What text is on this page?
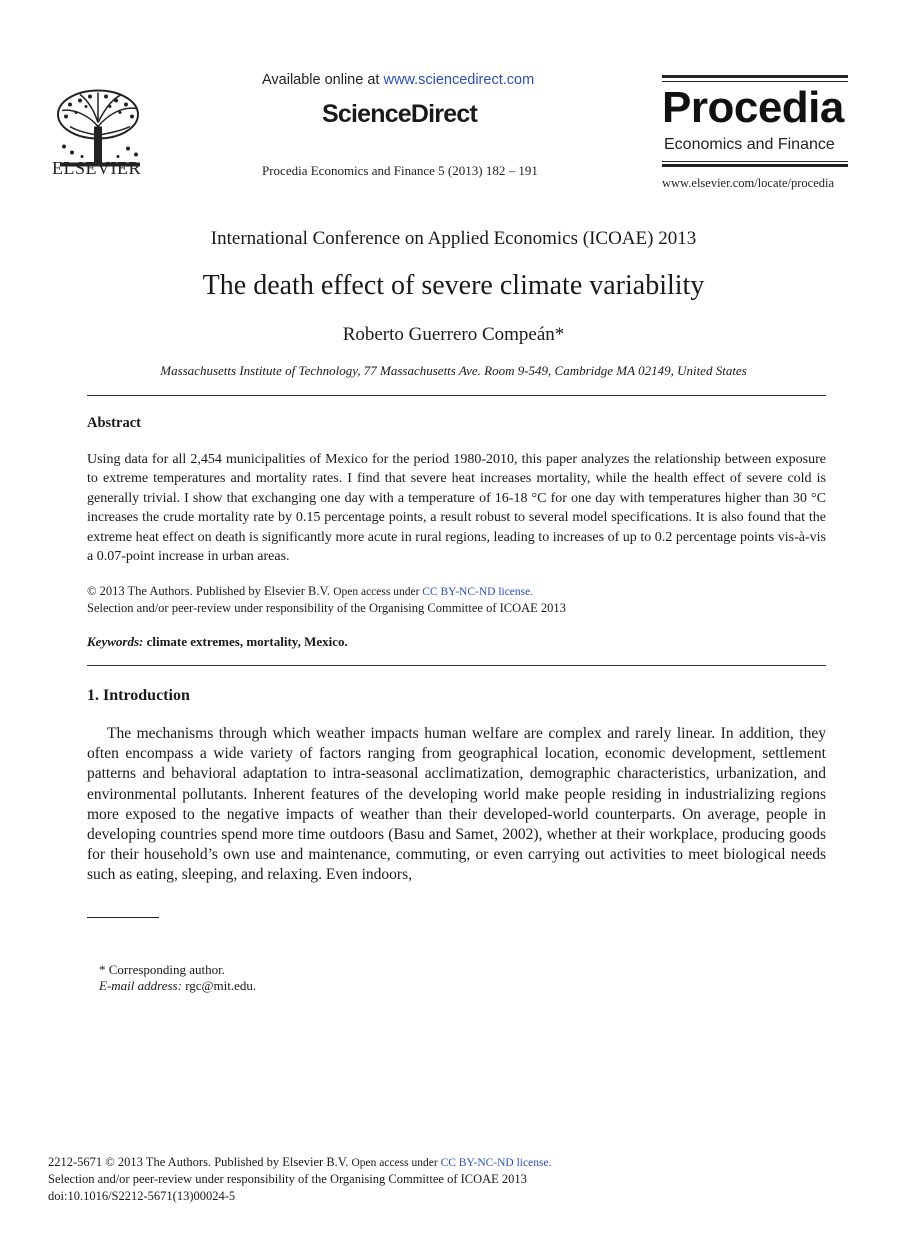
ELSEVIER
Available online at www.sciencedirect.com
ScienceDirect
Procedia Economics and Finance 5 (2013) 182 – 191
Procedia
Economics and Finance
www.elsevier.com/locate/procedia
International Conference on Applied Economics (ICOAE) 2013
The death effect of severe climate variability
Roberto Guerrero Compeán*
Massachusetts Institute of Technology, 77 Massachusetts Ave. Room 9-549, Cambridge MA 02149, United States
Abstract
Using data for all 2,454 municipalities of Mexico for the period 1980-2010, this paper analyzes the relationship between exposure to extreme temperatures and mortality rates. I find that severe heat increases mortality, while the health effect of severe cold is generally trivial. I show that exchanging one day with a temperature of 16-18 °C for one day with temperatures higher than 30 °C increases the crude mortality rate by 0.15 percentage points, a result robust to several model specifications. It is also found that the extreme heat effect on death is significantly more acute in rural regions, leading to increases of up to 0.2 percentage points vis-à-vis a 0.07-point increase in urban areas.
© 2013 The Authors. Published by Elsevier B.V. Open access under CC BY-NC-ND license.
Selection and/or peer-review under responsibility of the Organising Committee of ICOAE 2013
Keywords: climate extremes, mortality, Mexico.
1. Introduction
The mechanisms through which weather impacts human welfare are complex and rarely linear. In addition, they often encompass a wide variety of factors ranging from geographical location, economic development, settlement patterns and behavioral adaptation to intra-seasonal acclimatization, demographic characteristics, urbanization, and environmental pollutants. Inherent features of the developing world make people residing in industrializing regions more exposed to the negative impacts of weather than their developed-world counterparts. On average, people in developing countries spend more time outdoors (Basu and Samet, 2002), whether at their workplace, producing goods for their household’s own use and maintenance, commuting, or even carrying out activities to meet biological needs such as eating, sleeping, and relaxing. Even indoors,
* Corresponding author.
E-mail address: rgc@mit.edu.
2212-5671 © 2013 The Authors. Published by Elsevier B.V. Open access under CC BY-NC-ND license.
Selection and/or peer-review under responsibility of the Organising Committee of ICOAE 2013
doi:10.1016/S2212-5671(13)00024-5
